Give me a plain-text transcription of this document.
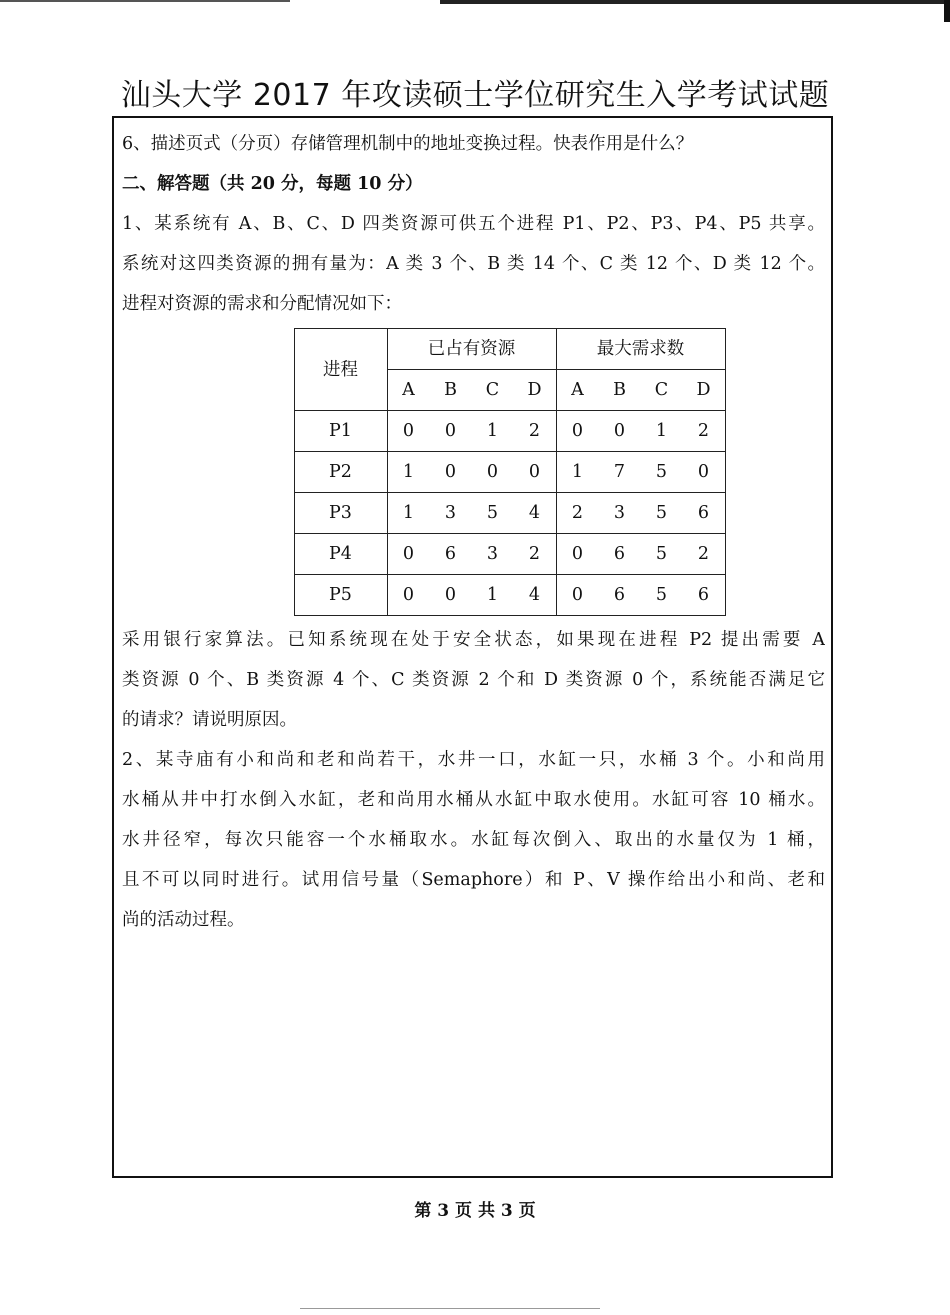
汕头大学 2017 年攻读硕士学位研究生入学考试试题
6、描述页式（分页）存储管理机制中的地址变换过程。快表作用是什么？
二、解答题（共 20 分，每题 10 分）
1、某系统有 A、B、C、D 四类资源可供五个进程 P1、P2、P3、P4、P5 共享。
系统对这四类资源的拥有量为：A 类 3 个、B 类 14 个、C 类 12 个、D 类 12 个。
进程对资源的需求和分配情况如下：
进程	已占有资源	最大需求数

	A B C D	A B C D

P1	0 0 1 2	0 0 1 2

P2	1 0 0 0	1 7 5 0

P3	1 3 5 4	2 3 5 6

P4	0 6 3 2	0 6 5 2

P5	0 0 1 4	0 6 5 6
采用银行家算法。已知系统现在处于安全状态，如果现在进程 P2 提出需要 A
类资源 0 个、B 类资源 4 个、C 类资源 2 个和 D 类资源 0 个，系统能否满足它
的请求？请说明原因。
2、某寺庙有小和尚和老和尚若干，水井一口，水缸一只，水桶 3 个。小和尚用
水桶从井中打水倒入水缸，老和尚用水桶从水缸中取水使用。水缸可容 10 桶水。
水井径窄，每次只能容一个水桶取水。水缸每次倒入、取出的水量仅为 1 桶，
且不可以同时进行。试用信号量（Semaphore）和 P、V 操作给出小和尚、老和
尚的活动过程。
第 3 页 共 3 页
